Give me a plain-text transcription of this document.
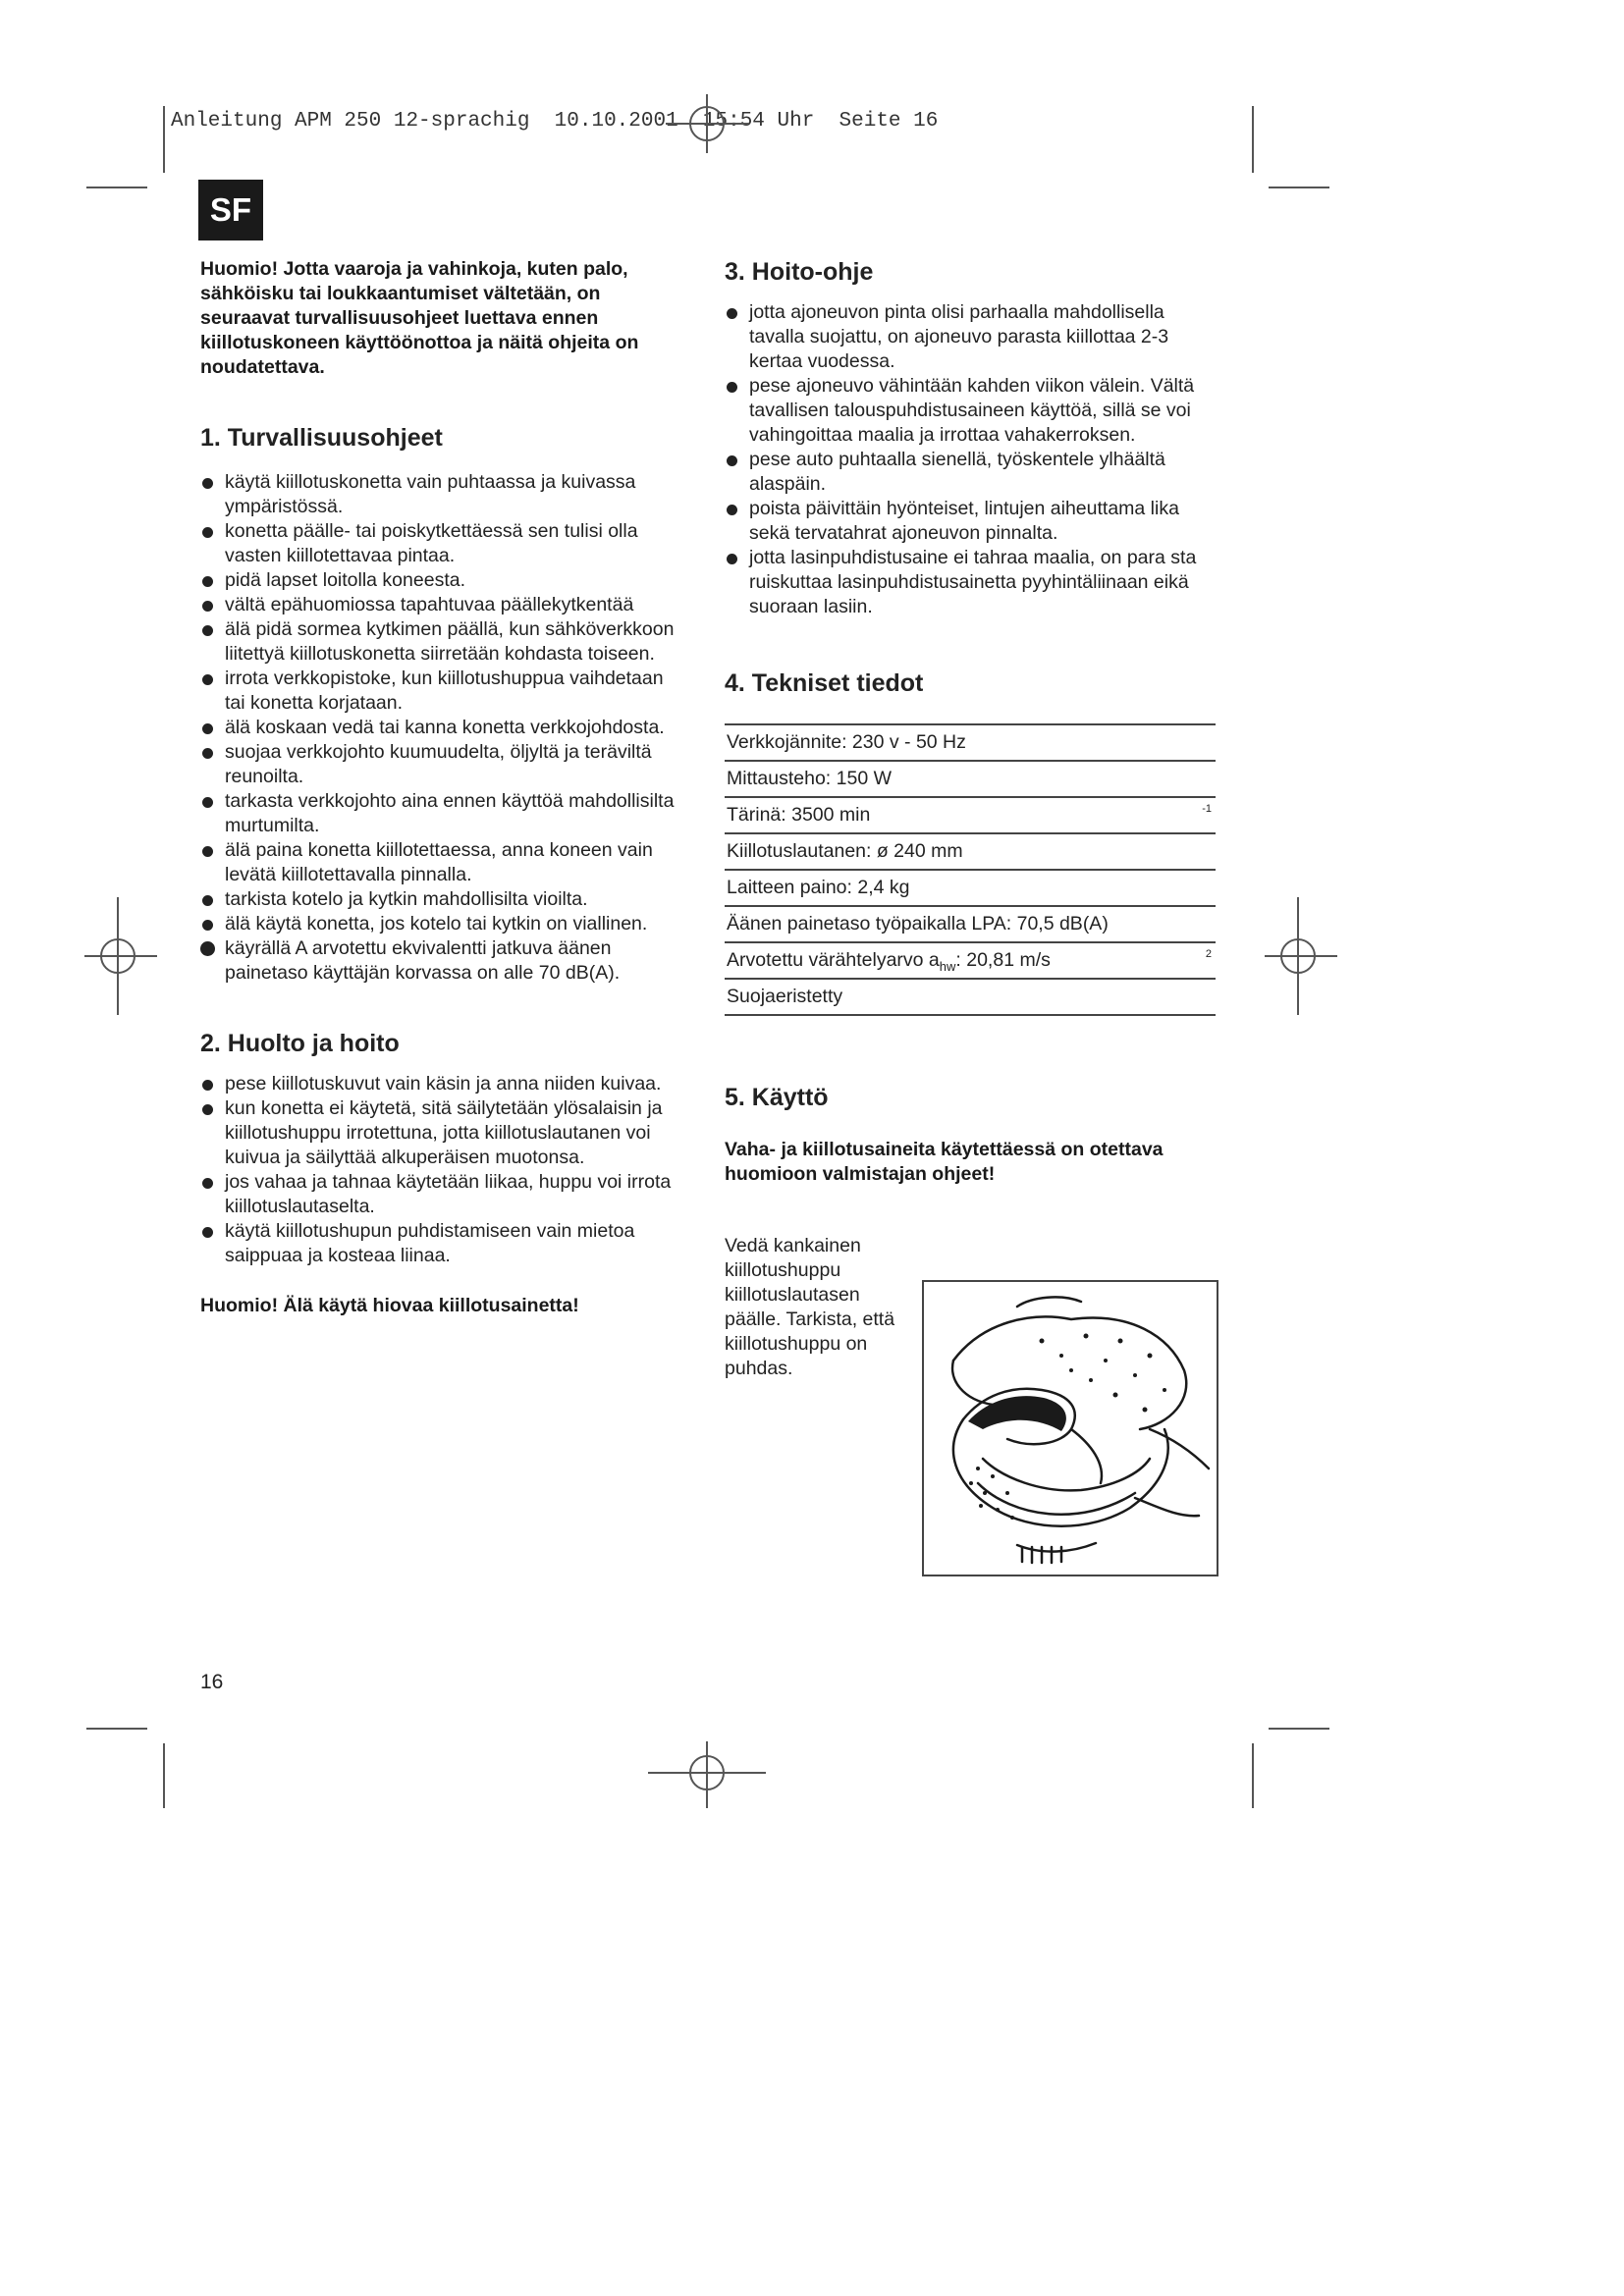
Anleitung APM 250 12-sprachig  10.10.2001  15:54 Uhr  Seite 16
SF

Huomio! Jotta vaaroja ja vahinkoja, kuten palo, sähköisku tai loukkaantumiset vältetään, on seuraavat turvallisuusohjeet luettava ennen kiillotuskoneen käyttöönottoa ja näitä ohjeita on noudatettava.

1. Turvallisuusohjeet
käytä kiillotuskonetta vain puhtaassa ja kuivassa ympäristössä.
konetta päälle- tai poiskytkettäessä sen tulisi olla vasten kiillotettavaa pintaa.
pidä lapset loitolla koneesta.
vältä epähuomiossa tapahtuvaa päällekytkentää
älä pidä sormea kytkimen päällä, kun sähköverkkoon liitettyä kiillotuskonetta siirretään kohdasta toiseen.
irrota verkkopistoke, kun kiillotushuppua vaihdetaan tai konetta korjataan.
älä koskaan vedä tai kanna konetta verkkojohdosta.
suojaa verkkojohto kuumuudelta, öljyltä ja teräviltä reunoilta.
tarkasta verkkojohto aina ennen käyttöä mahdollisilta murtumilta.
älä paina konetta kiillotettaessa, anna koneen vain levätä kiillotettavalla pinnalla.
tarkista kotelo ja kytkin mahdollisilta vioilta.
älä käytä konetta, jos kotelo tai kytkin on viallinen.
käyrällä A arvotettu ekvivalentti jatkuva äänen painetaso käyttäjän korvassa on alle 70 dB(A).
2. Huolto ja hoito
pese kiillotuskuvut vain käsin ja anna niiden kuivaa.
kun konetta ei käytetä, sitä säilytetään ylösalaisin ja kiillotushuppu irrotettuna, jotta kiillotuslautanen voi kuivua ja säilyttää alkuperäisen muotonsa.
jos vahaa ja tahnaa käytetään liikaa, huppu voi irrota kiillotuslautaselta.
käytä kiillotushupun puhdistamiseen vain mietoa saippuaa ja kosteaa liinaa.

Huomio! Älä käytä hiovaa kiillotusainetta!

3. Hoito-ohje
jotta ajoneuvon pinta olisi parhaalla mahdollisella tavalla suojattu, on ajoneuvo parasta kiillottaa 2-3 kertaa vuodessa.
pese ajoneuvo vähintään kahden viikon välein. Vältä tavallisen talouspuhdistusaineen käyttöä, sillä se voi vahingoittaa maalia ja irrottaa vahakerroksen.
pese auto puhtaalla sienellä, työskentele ylhäältä alaspäin.
poista päivittäin hyönteiset, lintujen aiheuttama lika sekä tervatahrat ajoneuvon pinnalta.
jotta lasinpuhdistusaine ei tahraa maalia, on para sta ruiskuttaa lasinpuhdistusainetta pyyhintäliinaan eikä suoraan lasiin.
4. Tekniset tiedot
Verkkojännite: 230 v - 50 Hz
Mittausteho: 150 W
Tärinä: 3500 min	-1
Kiillotuslautanen: ø 240 mm
Laitteen paino: 2,4 kg
Äänen painetaso työpaikalla LPA: 70,5 dB(A)
Arvotettu värähtelyarvo $a_{hw}$: 20,81 m/s	2
Suojaeristetty
5. Käyttö

Vaha- ja kiillotusaineita käytettäessä on otettava huomioon valmistajan ohjeet!

Vedä kankainen kiillotushuppu kiillotuslautasen päälle. Tarkista, että kiillotushuppu on puhdas.
16
